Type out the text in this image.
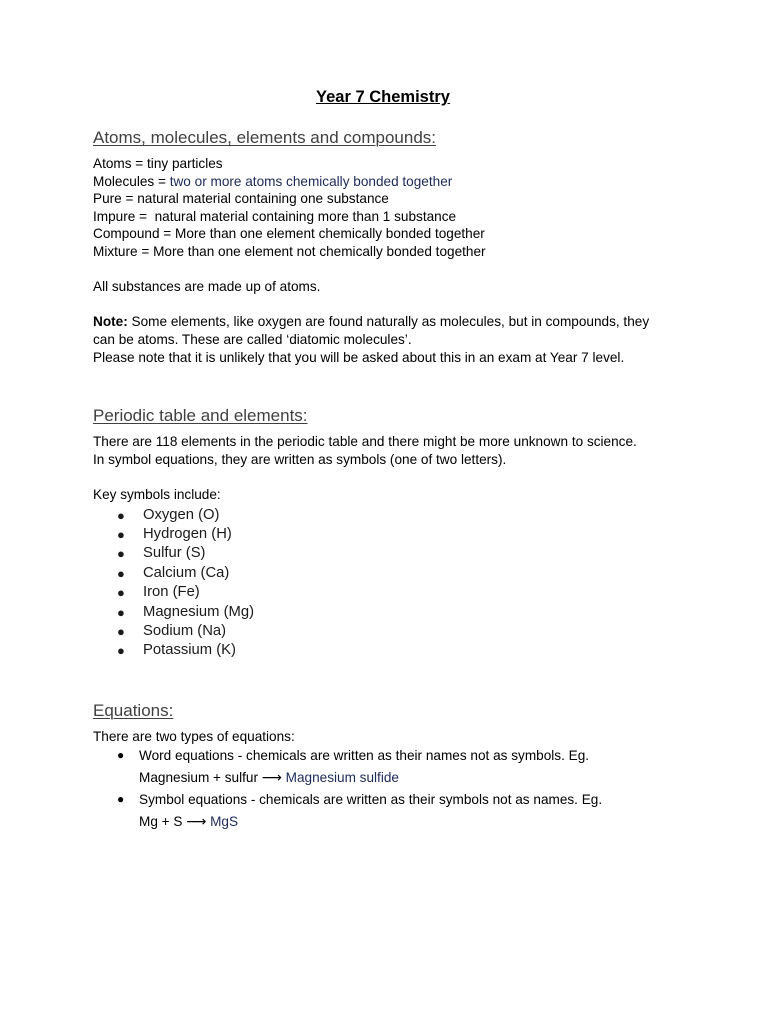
Year 7 Chemistry
Atoms, molecules, elements and compounds:

Atoms = tiny particles

Molecules = two or more atoms chemically bonded together

Pure = natural material containing one substance

Impure =  natural material containing more than 1 substance

Compound = More than one element chemically bonded together

Mixture = More than one element not chemically bonded together

All substances are made up of atoms.

Note: Some elements, like oxygen are found naturally as molecules, but in compounds, they

can be atoms. These are called ‘diatomic molecules’.

Please note that it is unlikely that you will be asked about this in an exam at Year 7 level.

Periodic table and elements:

There are 118 elements in the periodic table and there might be more unknown to science.

In symbol equations, they are written as symbols (one of two letters).

Key symbols include:

● Oxygen (O)
● Hydrogen (H)
● Sulfur (S)
● Calcium (Ca)
● Iron (Fe)
● Magnesium (Mg)
● Sodium (Na)
● Potassium (K)
Equations:

There are two types of equations:

● Word equations - chemicals are written as their names not as symbols. Eg.
Magnesium + sulfur ⟶ Magnesium sulfide
● Symbol equations - chemicals are written as their symbols not as names. Eg.
Mg + S ⟶ MgS
